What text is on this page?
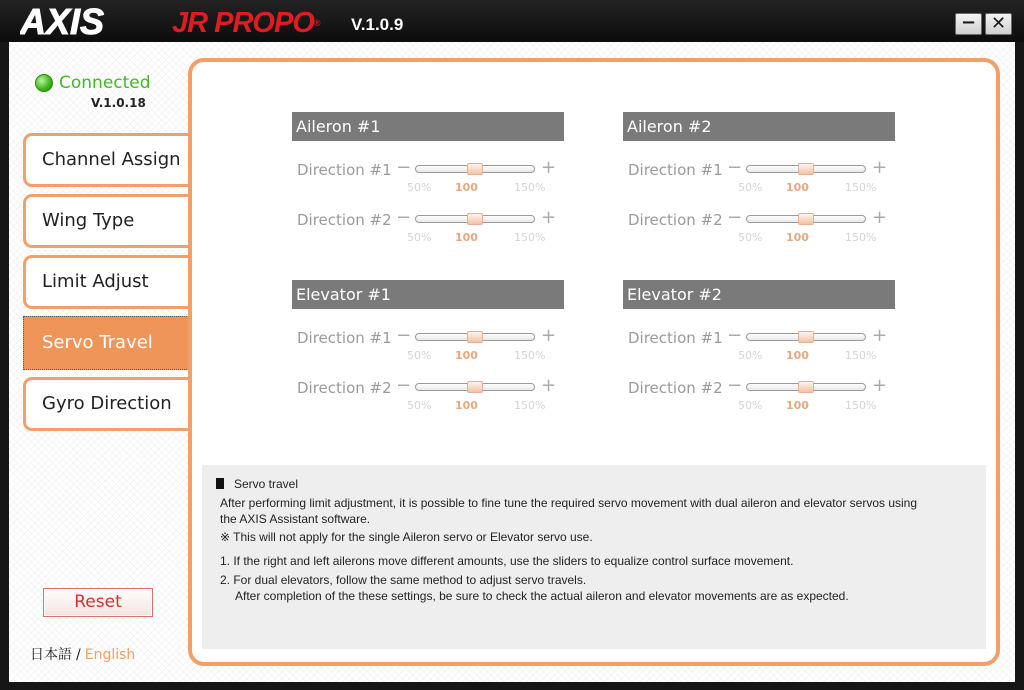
AXIS JR PROPO® V.1.0.9	− ✕
Connected
V.1.0.18
Channel Assign
Wing Type
Limit Adjust
Servo Travel
Gyro Direction
Reset
日本語 / English
Aileron #1
Direction #1 −	+
50% 100	150%
Direction #2 −	+
50% 100	150%
Aileron #2
Direction #1 −	+
50% 100	150%
Direction #2 −	+
50% 100	150%
Elevator #1
Direction #1 −	+
50% 100	150%
Direction #2 −	+
50% 100	150%
Elevator #2
Direction #1 −	+
50% 100	150%
Direction #2 −	+
50% 100	150%

Servo travel

After performing limit adjustment, it is possible to fine tune the required servo movement with dual aileron and elevator servos using

the AXIS Assistant software.

※ This will not apply for the single Aileron servo or Elevator servo use.

1. If the right and left ailerons move different amounts, use the sliders to equalize control surface movement.

2. For dual elevators, follow the same method to adjust servo travels.

After completion of the these settings, be sure to check the actual aileron and elevator movements are as expected.
